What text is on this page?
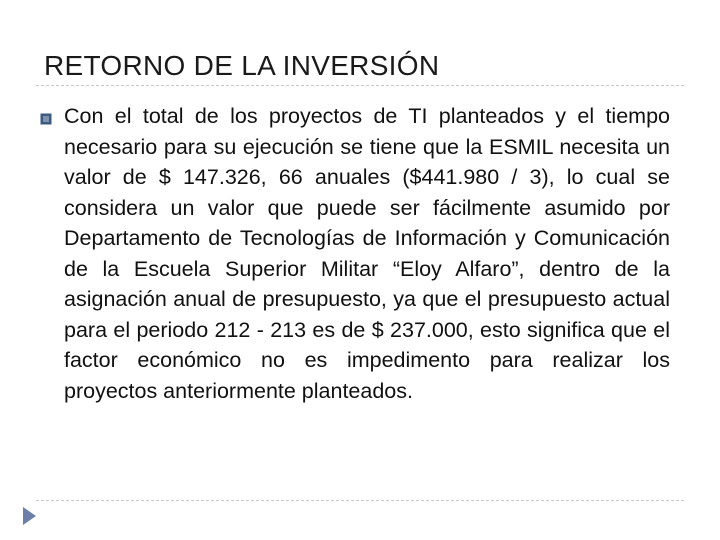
RETORNO DE LA INVERSIÓN
Con el total de los proyectos de TI planteados y el tiempo necesario para su ejecución se tiene que la ESMIL necesita un valor de $ 147.326, 66 anuales ($441.980 / 3), lo cual se considera un valor que puede ser fácilmente asumido por Departamento de Tecnologías de Información y Comunicación de la Escuela Superior Militar “Eloy Alfaro”, dentro de la asignación anual de presupuesto, ya que el presupuesto actual para el periodo 212 - 213 es de $ 237.000, esto significa que el factor económico no es impedimento para realizar los proyectos anteriormente planteados.
